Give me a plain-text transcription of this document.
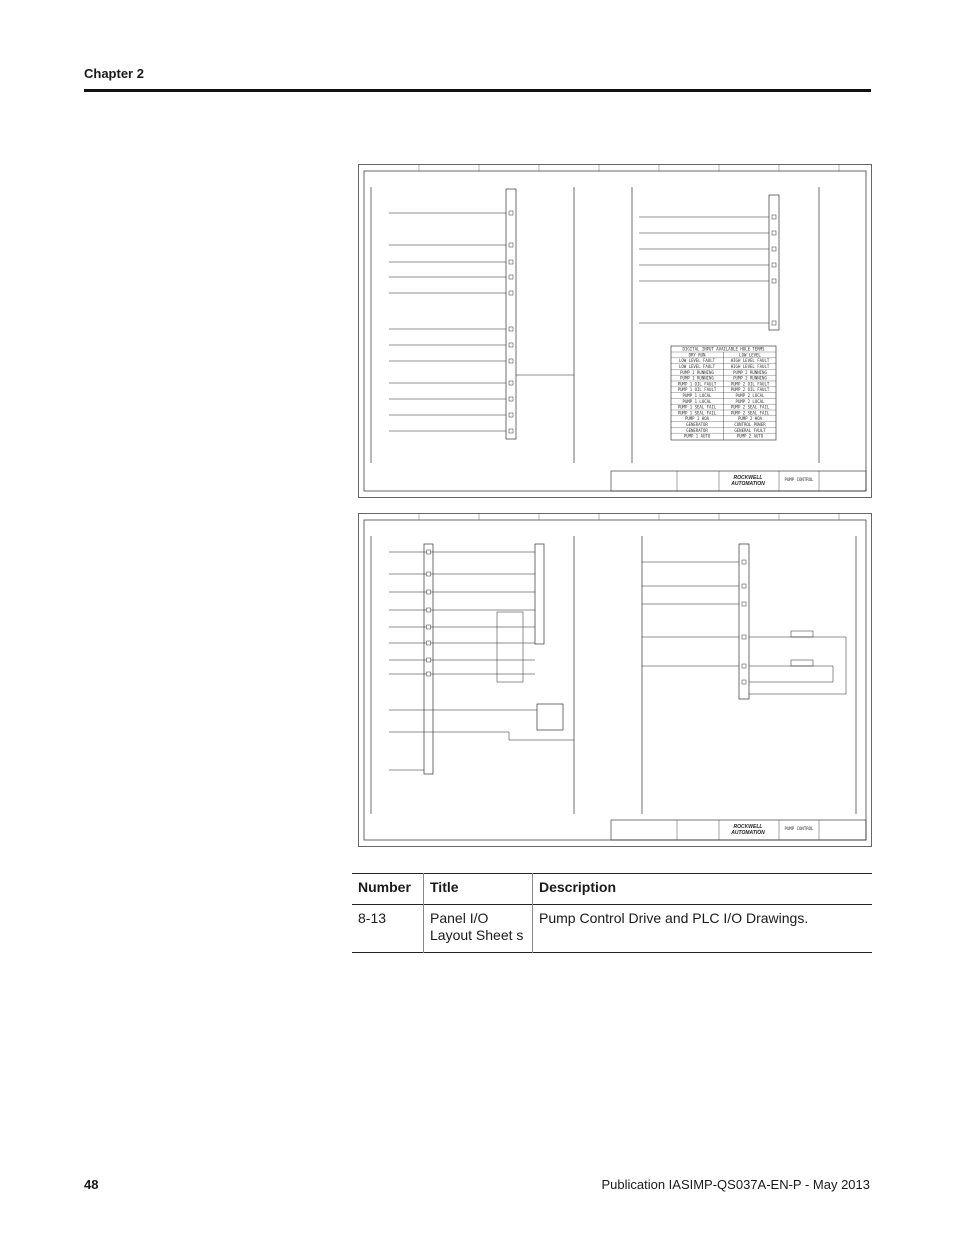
Chapter 2
DIGITAL INPUT AVAILABLE HOLE TERMS
DRY RUN	LOW LEVEL
LOW LEVEL FAULT	HIGH LEVEL FAULT
LOW LEVEL FAULT	HIGH LEVEL FAULT
PUMP 1 RUNNING	PUMP 2 RUNNING
PUMP 1 RUNNING	PUMP 2 RUNNING
PUMP 1 OIL FAULT	PUMP 2 OIL FAULT
PUMP 1 OIL FAULT	PUMP 2 OIL FAULT
PUMP 1 LOCAL	PUMP 2 LOCAL
PUMP 1 LOCAL	PUMP 2 LOCAL
PUMP 1 SEAL FAIL	PUMP 2 SEAL FAIL
PUMP 1 SEAL FAIL	PUMP 2 SEAL FAIL
PUMP 1 HOA	PUMP 2 HOA
GENERATOR	CONTROL POWER
GENERATOR	GENERAL FAULT
PUMP 1 AUTO	PUMP 2 AUTO
ROCKWELL
AUTOMATION
PUMP CONTROL
ROCKWELL
AUTOMATION
PUMP CONTROL
Number	Title	Description
8-13	Panel I/O Layout Sheet s	Pump Control Drive and PLC I/O Drawings.
48	Publication IASIMP-QS037A-EN-P - May 2013
